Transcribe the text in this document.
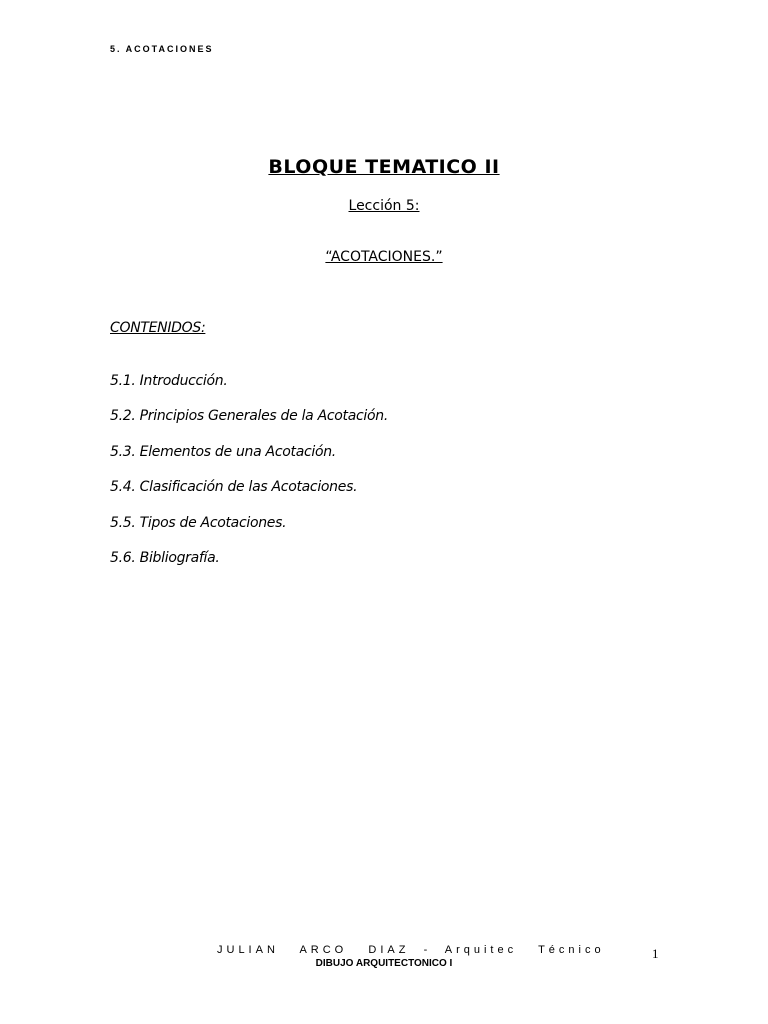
5. ACOTACIONES
BLOQUE TEMATICO II
Lección 5:
“ACOTACIONES.”
CONTENIDOS:
5.1. Introducción.
5.2. Principios Generales de la Acotación.
5.3. Elementos de una Acotación.
5.4. Clasificación de las Acotaciones.
5.5. Tipos de Acotaciones.
5.6. Bibliografía.
JULIAN   ARCO   DIAZ  -  Arquitec   Técnico
DIBUJO ARQUITECTONICO I
1
